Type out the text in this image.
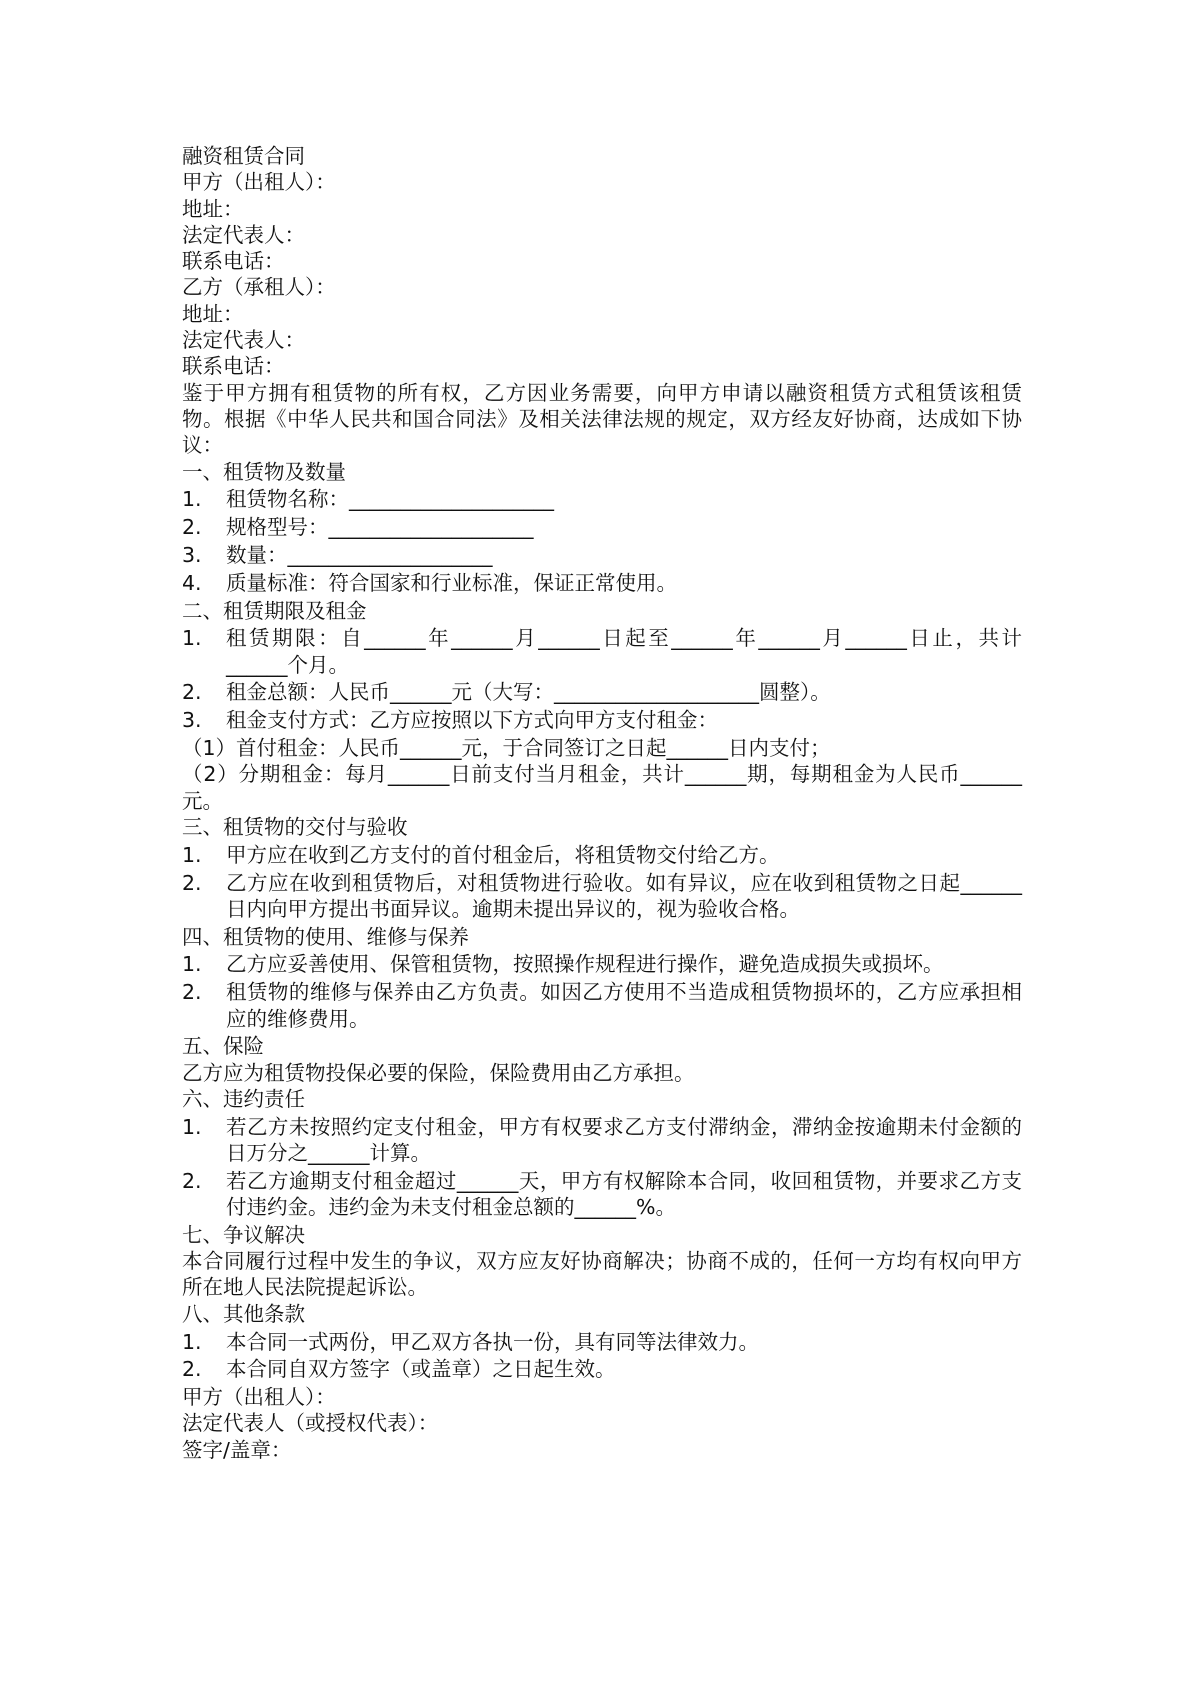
融资租赁合同
甲方（出租人）：
地址：
法定代表人：
联系电话：
乙方（承租人）：
地址：
法定代表人：
联系电话：
鉴于甲方拥有租赁物的所有权，乙方因业务需要，向甲方申请以融资租赁方式租赁该租赁物。根据《中华人民共和国合同法》及相关法律法规的规定，双方经友好协商，达成如下协议：
一、租赁物及数量
1.	租赁物名称：____________________
2.	规格型号：____________________
3.	数量：____________________
4.	质量标准：符合国家和行业标准，保证正常使用。
二、租赁期限及租金
1.	租赁期限：自______年______月______日起至______年______月______日止，共计______个月。
2.	租金总额：人民币______元（大写：____________________圆整）。
3.	租金支付方式：乙方应按照以下方式向甲方支付租金：
（1）首付租金：人民币______元，于合同签订之日起______日内支付；
（2）分期租金：每月______日前支付当月租金，共计______期，每期租金为人民币______元。
三、租赁物的交付与验收
1.	甲方应在收到乙方支付的首付租金后，将租赁物交付给乙方。
2.	乙方应在收到租赁物后，对租赁物进行验收。如有异议，应在收到租赁物之日起______日内向甲方提出书面异议。逾期未提出异议的，视为验收合格。
四、租赁物的使用、维修与保养
1.	乙方应妥善使用、保管租赁物，按照操作规程进行操作，避免造成损失或损坏。
2.	租赁物的维修与保养由乙方负责。如因乙方使用不当造成租赁物损坏的，乙方应承担相应的维修费用。
五、保险
乙方应为租赁物投保必要的保险，保险费用由乙方承担。
六、违约责任
1.	若乙方未按照约定支付租金，甲方有权要求乙方支付滞纳金，滞纳金按逾期未付金额的日万分之______计算。
2.	若乙方逾期支付租金超过______天，甲方有权解除本合同，收回租赁物，并要求乙方支付违约金。违约金为未支付租金总额的______%。
七、争议解决
本合同履行过程中发生的争议，双方应友好协商解决；协商不成的，任何一方均有权向甲方所在地人民法院提起诉讼。
八、其他条款
1.	本合同一式两份，甲乙双方各执一份，具有同等法律效力。
2.	本合同自双方签字（或盖章）之日起生效。
甲方（出租人）：
法定代表人（或授权代表）：
签字/盖章：
